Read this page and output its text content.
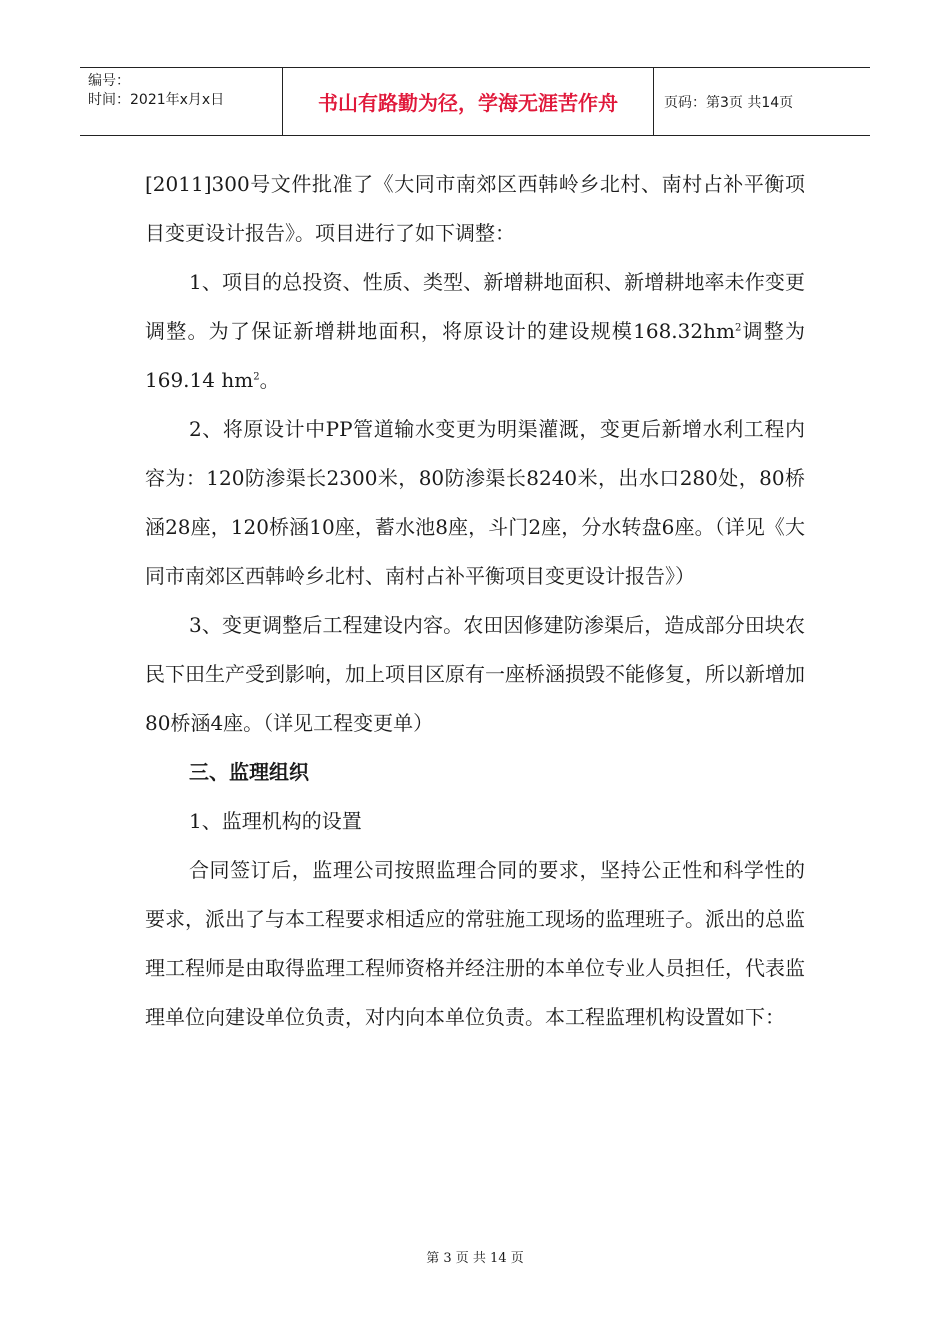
编号：
时间：2021年x月x日	书山有路勤为径，学海无涯苦作舟	页码：第3页 共14页

[2011]300号文件批准了《大同市南郊区西韩岭乡北村、南村占补平衡项目变更设计报告》。项目进行了如下调整：

1、项目的总投资、性质、类型、新增耕地面积、新增耕地率未作变更调整。为了保证新增耕地面积，将原设计的建设规模$168.32hm^2$调整为169.14 $hm^2$。

2、将原设计中PP管道输水变更为明渠灌溉，变更后新增水利工程内容为：120防渗渠长2300米，80防渗渠长8240米，出水口280处，80桥涵28座，120桥涵10座，蓄水池8座，斗门2座，分水转盘6座。（详见《大同市南郊区西韩岭乡北村、南村占补平衡项目变更设计报告》）

3、变更调整后工程建设内容。农田因修建防渗渠后，造成部分田块农民下田生产受到影响，加上项目区原有一座桥涵损毁不能修复，所以新增加80桥涵4座。（详见工程变更单）

三、监理组织

1、监理机构的设置

合同签订后，监理公司按照监理合同的要求，坚持公正性和科学性的要求，派出了与本工程要求相适应的常驻施工现场的监理班子。派出的总监理工程师是由取得监理工程师资格并经注册的本单位专业人员担任，代表监理单位向建设单位负责，对内向本单位负责。本工程监理机构设置如下：

第 3 页 共 14 页
